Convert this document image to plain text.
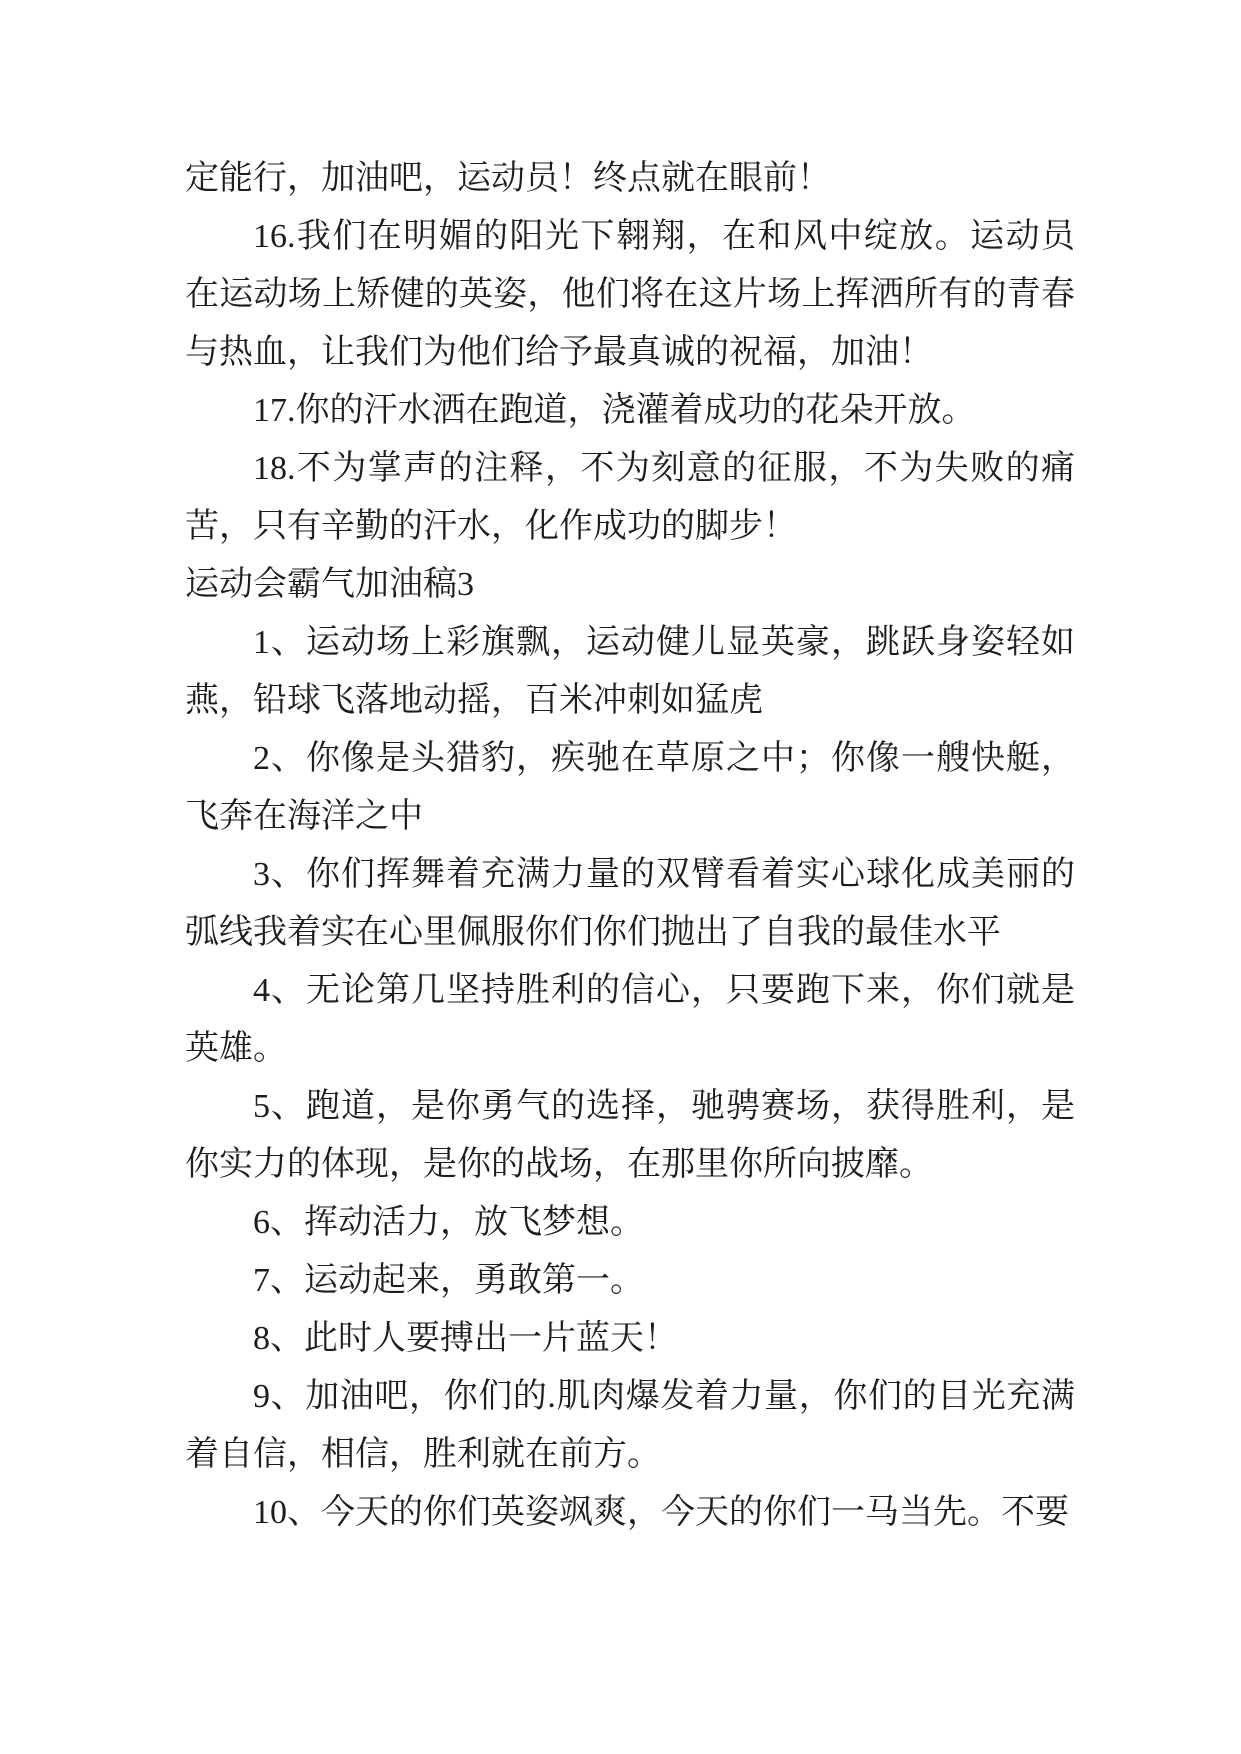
定能行，加油吧，运动员！终点就在眼前！

16.我们在明媚的阳光下翱翔，在和风中绽放。运动员在运动场上矫健的英姿，他们将在这片场上挥洒所有的青春与热血，让我们为他们给予最真诚的祝福，加油！

17.你的汗水洒在跑道，浇灌着成功的花朵开放。

18.不为掌声的注释，不为刻意的征服，不为失败的痛苦，只有辛勤的汗水，化作成功的脚步！

运动会霸气加油稿3

1、运动场上彩旗飘，运动健儿显英豪，跳跃身姿轻如燕，铅球飞落地动摇，百米冲刺如猛虎

2、你像是头猎豹，疾驰在草原之中；你像一艘快艇，飞奔在海洋之中

3、你们挥舞着充满力量的双臂看着实心球化成美丽的弧线我着实在心里佩服你们你们抛出了自我的最佳水平

4、无论第几坚持胜利的信心，只要跑下来，你们就是英雄。

5、跑道，是你勇气的选择，驰骋赛场，获得胜利，是你实力的体现，是你的战场，在那里你所向披靡。

6、挥动活力，放飞梦想。

7、运动起来，勇敢第一。

8、此时人要搏出一片蓝天！

9、加油吧，你们的.肌肉爆发着力量，你们的目光充满着自信，相信，胜利就在前方。

10、今天的你们英姿飒爽，今天的你们一马当先。不要
